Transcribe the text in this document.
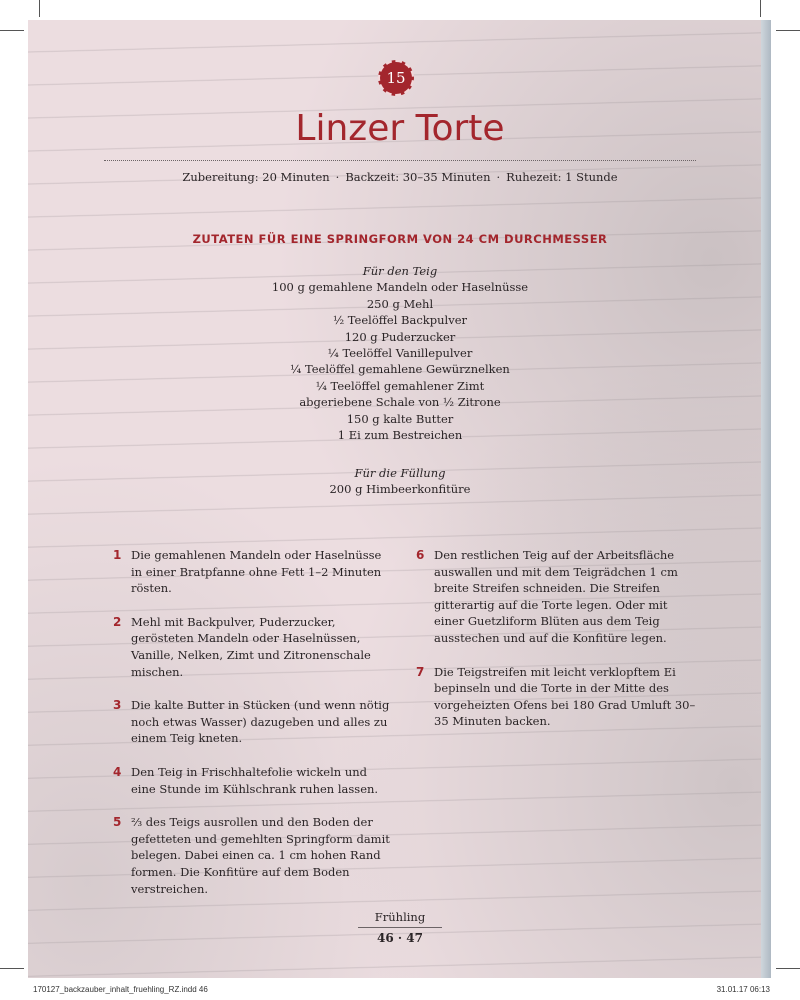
15
Linzer Torte
Zubereitung: 20 Minuten · Backzeit: 30–35 Minuten · Ruhezeit: 1 Stunde
ZUTATEN FÜR EINE SPRINGFORM VON 24 CM DURCHMESSER
Für den Teig
100 g gemahlene Mandeln oder Haselnüsse
250 g Mehl
½ Teelöffel Backpulver
120 g Puderzucker
¼ Teelöffel Vanillepulver
¼ Teelöffel gemahlene Gewürznelken
¼ Teelöffel gemahlener Zimt
abgeriebene Schale von ½ Zitrone
150 g kalte Butter
1 Ei zum Bestreichen
Für die Füllung
200 g Himbeerkonfitüre
1 Die gemahlenen Mandeln oder Haselnüsse in einer Bratpfanne ohne Fett 1–2 Minuten rösten.
2 Mehl mit Backpulver, Puderzucker, gerösteten Mandeln oder Haselnüssen, Vanille, Nelken, Zimt und Zitronenschale mischen.
3 Die kalte Butter in Stücken (und wenn nötig noch etwas Wasser) dazugeben und alles zu einem Teig kneten.
4 Den Teig in Frischhaltefolie wickeln und eine Stunde im Kühlschrank ruhen lassen.
5 ⅔ des Teigs ausrollen und den Boden der gefetteten und gemehlten Springform damit belegen. Dabei einen ca. 1 cm hohen Rand formen. Die Konfitüre auf dem Boden verstreichen.
6 Den restlichen Teig auf der Arbeitsfläche auswallen und mit dem Teigrädchen 1 cm breite Streifen schneiden. Die Streifen gitterartig auf die Torte legen. Oder mit einer Guetzliform Blüten aus dem Teig ausstechen und auf die Konfitüre legen.
7 Die Teigstreifen mit leicht verklopftem Ei bepinseln und die Torte in der Mitte des vorgeheizten Ofens bei 180 Grad Umluft 30–35 Minuten backen.
Frühling
46 · 47
170127_backzauber_inhalt_fruehling_RZ.indd 46	31.01.17 06:13
